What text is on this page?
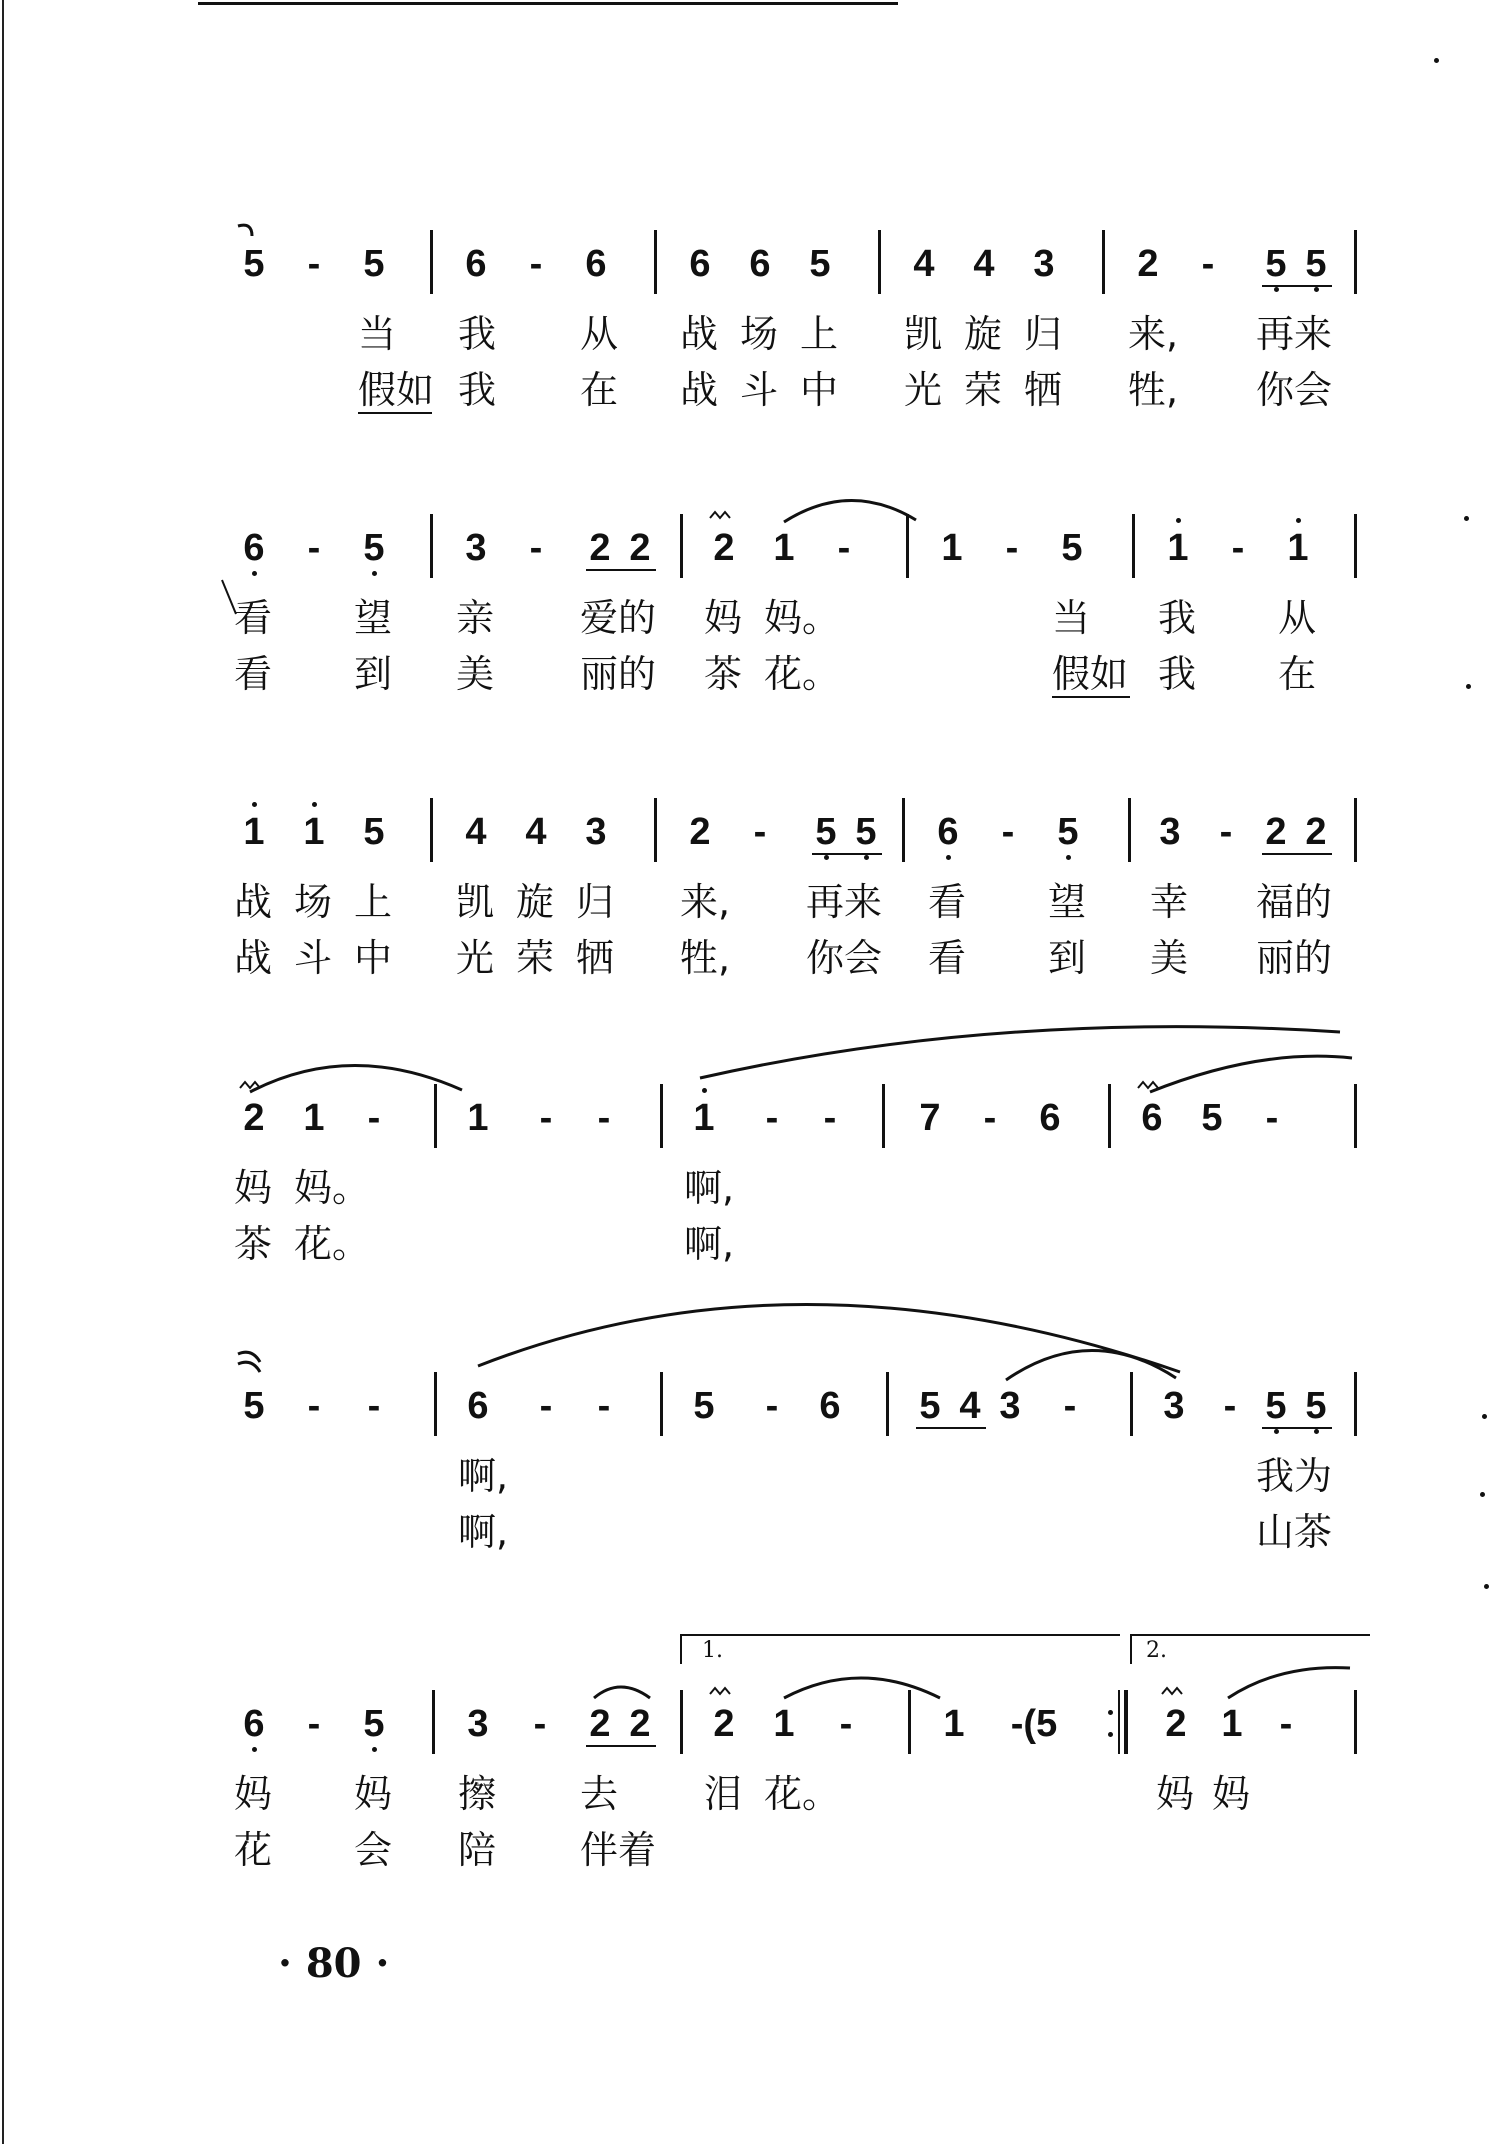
5	-	5 6	-	6 6 6 5 4 4 3 2	-	5 5
当 我 从 战 场 上 凯 旋 归 来, 再来
假如 我 在 战 斗 中 光 荣 牺 牲, 你会
6	-	5 3	-	2 2 2 1	-	1	-	5 1	-	1
看 望 亲 爱的 妈 妈。	当 我 从
看 到 美 丽的 茶 花。	假如 我 在
1 1 5 4 4 3 2	-	5 5 6	-	5 3	- 2 2
战 场 上 凯 旋 归 来, 再来 看 望 幸 福的
战 斗 中 光 荣 牺 牲, 你会 看 到 美 丽的
2 1	-	1	-	-	1	-	-	7	-	6 6 5	-
妈 妈。	啊,
茶 花。	啊,
5	-	-	6	-	-	5	-	6 5 4 3	-	3	- 5 5
啊,	我为
啊,	山茶
1.	2.
6	-	5 3	-	2 2 2 1	-	1	-(5	2 1 -
妈 妈 擦 去 泪 花。	妈 妈
花 会 陪 伴着
· 80 ·
